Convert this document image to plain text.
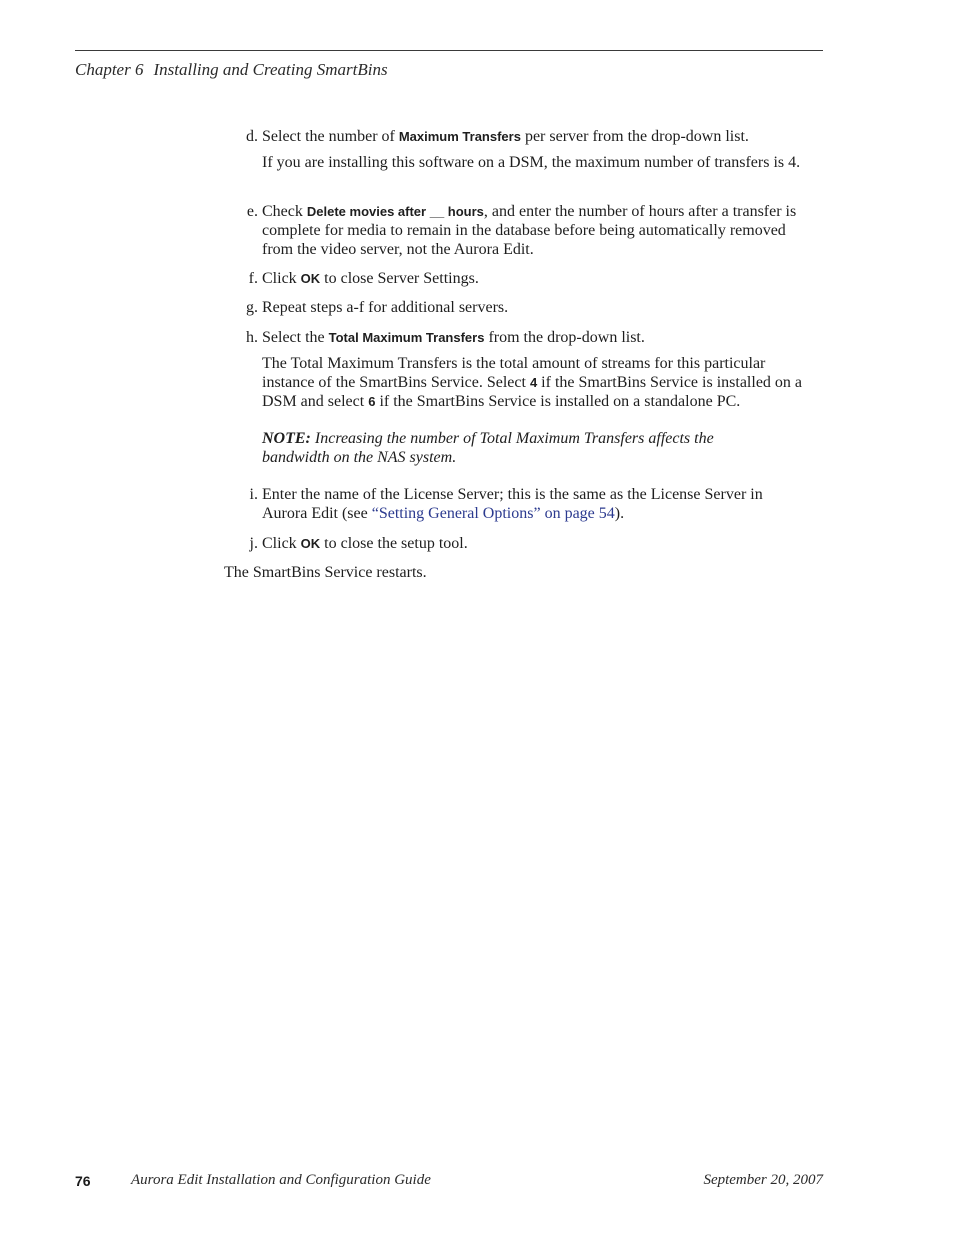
Chapter 6 Installing and Creating SmartBins
d. Select the number of Maximum Transfers per server from the drop-down list.
If you are installing this software on a DSM, the maximum number of transfers is 4.
e. Check Delete movies after __ hours, and enter the number of hours after a transfer is complete for media to remain in the database before being automatically removed from the video server, not the Aurora Edit.
f. Click OK to close Server Settings.
g. Repeat steps a-f for additional servers.
h. Select the Total Maximum Transfers from the drop-down list.
The Total Maximum Transfers is the total amount of streams for this particular instance of the SmartBins Service. Select 4 if the SmartBins Service is installed on a DSM and select 6 if the SmartBins Service is installed on a standalone PC.
NOTE: Increasing the number of Total Maximum Transfers affects the bandwidth on the NAS system.
i. Enter the name of the License Server; this is the same as the License Server in Aurora Edit (see “Setting General Options” on page 54).
j. Click OK to close the setup tool.
The SmartBins Service restarts.
76	Aurora Edit Installation and Configuration Guide	September 20, 2007
